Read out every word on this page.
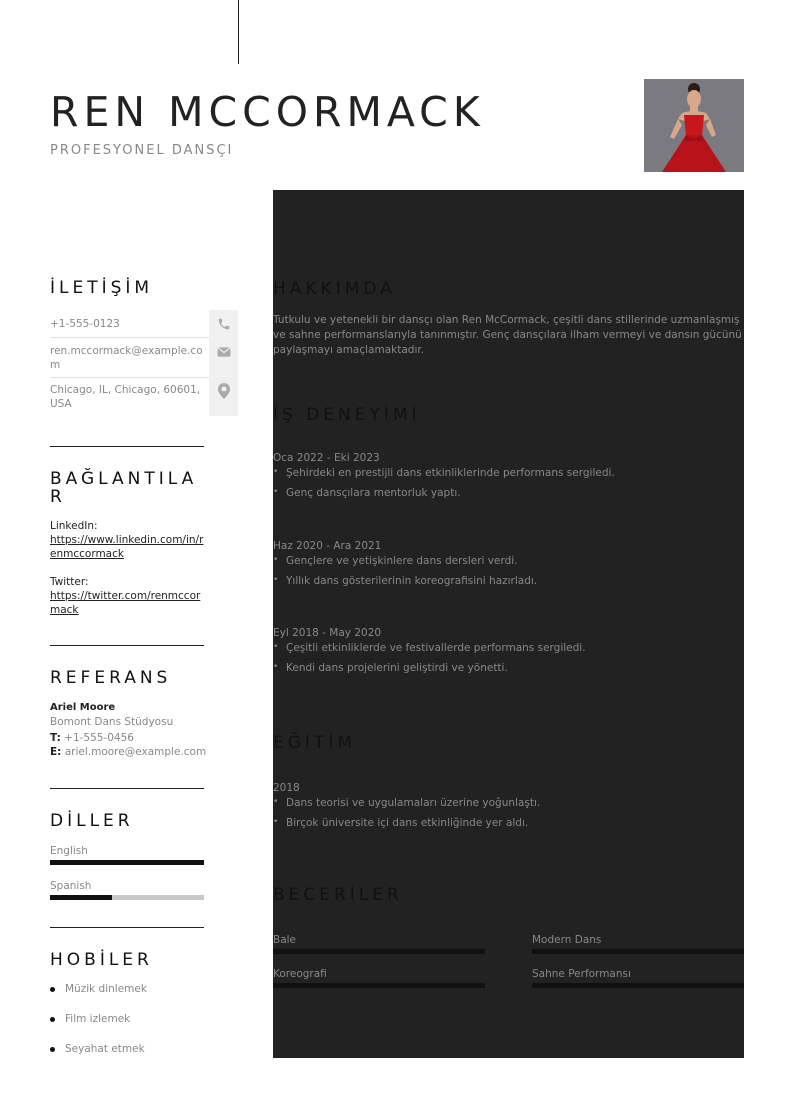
REN MCCORMACK
PROFESYONEL DANSÇI
İLETİŞİM
+1-555-0123
ren.mccormack@example.com
Chicago, IL, Chicago, 60601, USA
BAĞLANTILAR
LinkedIn:
https://www.linkedin.com/in/renmccormack
Twitter:
https://twitter.com/renmccormack
REFERANS
Ariel Moore
Bomont Dans Stüdyosu
T: +1-555-0456
E: ariel.moore@example.com
DİLLER
English
Spanish
HOBİLER
Müzik dinlemek
Film izlemek
Seyahat etmek
HAKKIMDA
Tutkulu ve yetenekli bir dansçı olan Ren McCormack, çeşitli dans stillerinde uzmanlaşmış ve sahne performanslarıyla tanınmıştır. Genç dansçılara ilham vermeyi ve dansın gücünü paylaşmayı amaçlamaktadır.
İŞ DENEYİMİ
Baş Dansçı, Chicago Dans Topluluğu, Chicago
Oca 2022 - Eki 2023
• Şehirdeki en prestijli dans etkinliklerinde performans sergiledi.
• Genç dansçılara mentorluk yaptı.
Dans Eğitmeni, Bomont Dans Stüdyosu, Bomont
Haz 2020 - Ara 2021
• Gençlere ve yetişkinlere dans dersleri verdi.
• Yıllık dans gösterilerinin koreografisini hazırladı.
Serbest Dansçı, Bağımsız, Chicago
Eyl 2018 - May 2020
• Çeşitli etkinliklerde ve festivallerde performans sergiledi.
• Kendi dans projelerini geliştirdi ve yönetti.
EĞİTİM
Dans ve Performans Sanatları Lisansı, Chicago Sanat Üniversitesi, Chicago
2018
• Dans teorisi ve uygulamaları üzerine yoğunlaştı.
• Birçok üniversite içi dans etkinliğinde yer aldı.
BECERİLER
Bale	Modern Dans
Koreografi	Sahne Performansı
